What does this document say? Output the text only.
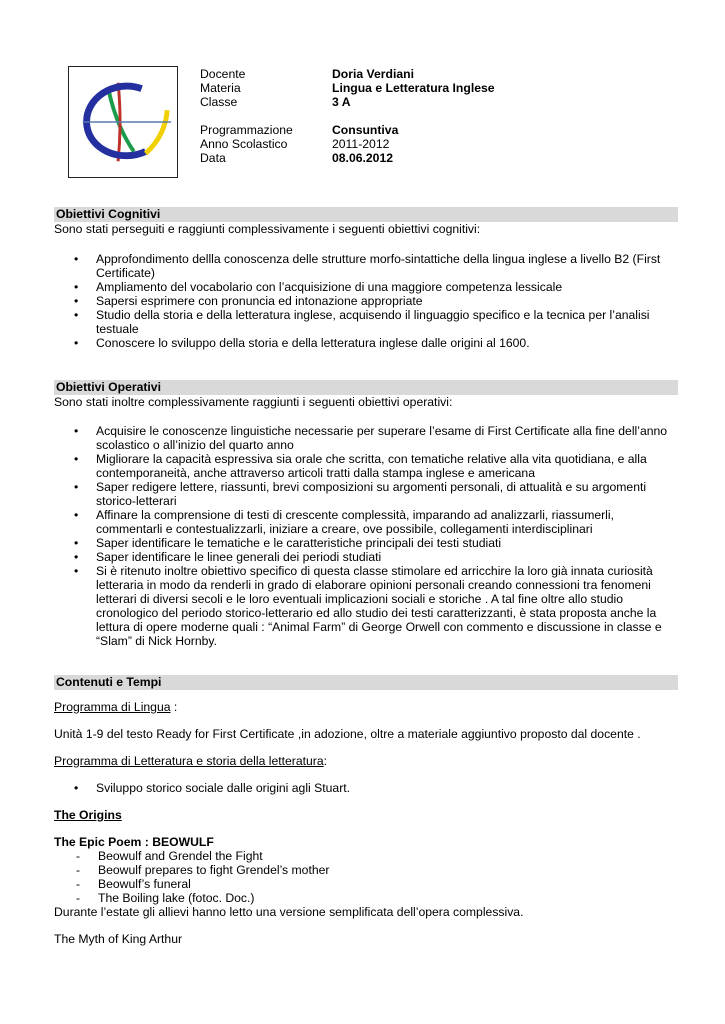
Docente	Doria Verdiani
Materia	Lingua e Letteratura Inglese
Classe	3 A
Programmazione	Consuntiva
Anno Scolastico	2011-2012
Data	08.06.2012
Obiettivi Cognitivi
Sono stati perseguiti e raggiunti complessivamente i seguenti obiettivi cognitivi:
• Approfondimento dellla conoscenza delle strutture morfo-sintattiche della lingua inglese a livello B2 (First Certificate)
• Ampliamento del vocabolario con l’acquisizione di una maggiore competenza lessicale
• Sapersi esprimere con pronuncia ed intonazione appropriate
• Studio della storia e della letteratura inglese, acquisendo il linguaggio specifico e la tecnica per l’analisi testuale
• Conoscere lo sviluppo della storia e della letteratura inglese dalle origini al 1600.
Obiettivi Operativi
Sono stati inoltre complessivamente raggiunti i seguenti obiettivi operativi:
• Acquisire le conoscenze linguistiche necessarie per superare l’esame di First Certificate alla fine dell’anno scolastico o all’inizio del quarto anno
• Migliorare la capacità espressiva sia orale che scritta, con tematiche relative alla vita quotidiana, e alla contemporaneità, anche attraverso articoli tratti dalla stampa inglese e americana
• Saper redigere lettere, riassunti, brevi composizioni su argomenti personali, di attualità e su argomenti storico-letterari
• Affinare la comprensione di testi di crescente complessità, imparando ad analizzarli, riassumerli, commentarli e contestualizzarli, iniziare a creare, ove possibile, collegamenti interdisciplinari
• Saper identificare le tematiche e le caratteristiche principali dei testi studiati
• Saper identificare le linee generali dei periodi studiati
• Si è ritenuto inoltre obiettivo specifico di questa classe stimolare ed arricchire la loro già innata curiosità letteraria in modo da renderli in grado di elaborare opinioni personali creando connessioni tra fenomeni letterari di diversi secoli e le loro eventuali implicazioni sociali e storiche . A tal fine oltre allo studio cronologico del periodo storico-letterario ed allo studio dei testi caratterizzanti, è stata proposta anche la lettura di opere moderne quali : “Animal Farm” di George Orwell con commento e discussione in classe e “Slam” di Nick Hornby.
Contenuti e Tempi
Programma di Lingua :
Unità 1-9 del testo Ready for First Certificate ,in adozione, oltre a materiale aggiuntivo proposto dal docente .
Programma di Letteratura e storia della letteratura:
• Sviluppo storico sociale dalle origini agli Stuart.
The Origins
The Epic Poem : BEOWULF
- Beowulf and Grendel the Fight
- Beowulf prepares to fight Grendel’s mother
- Beowulf’s funeral
- The Boiling lake (fotoc. Doc.)
Durante l’estate gli allievi hanno letto una versione semplificata dell’opera complessiva.
The Myth of King Arthur
